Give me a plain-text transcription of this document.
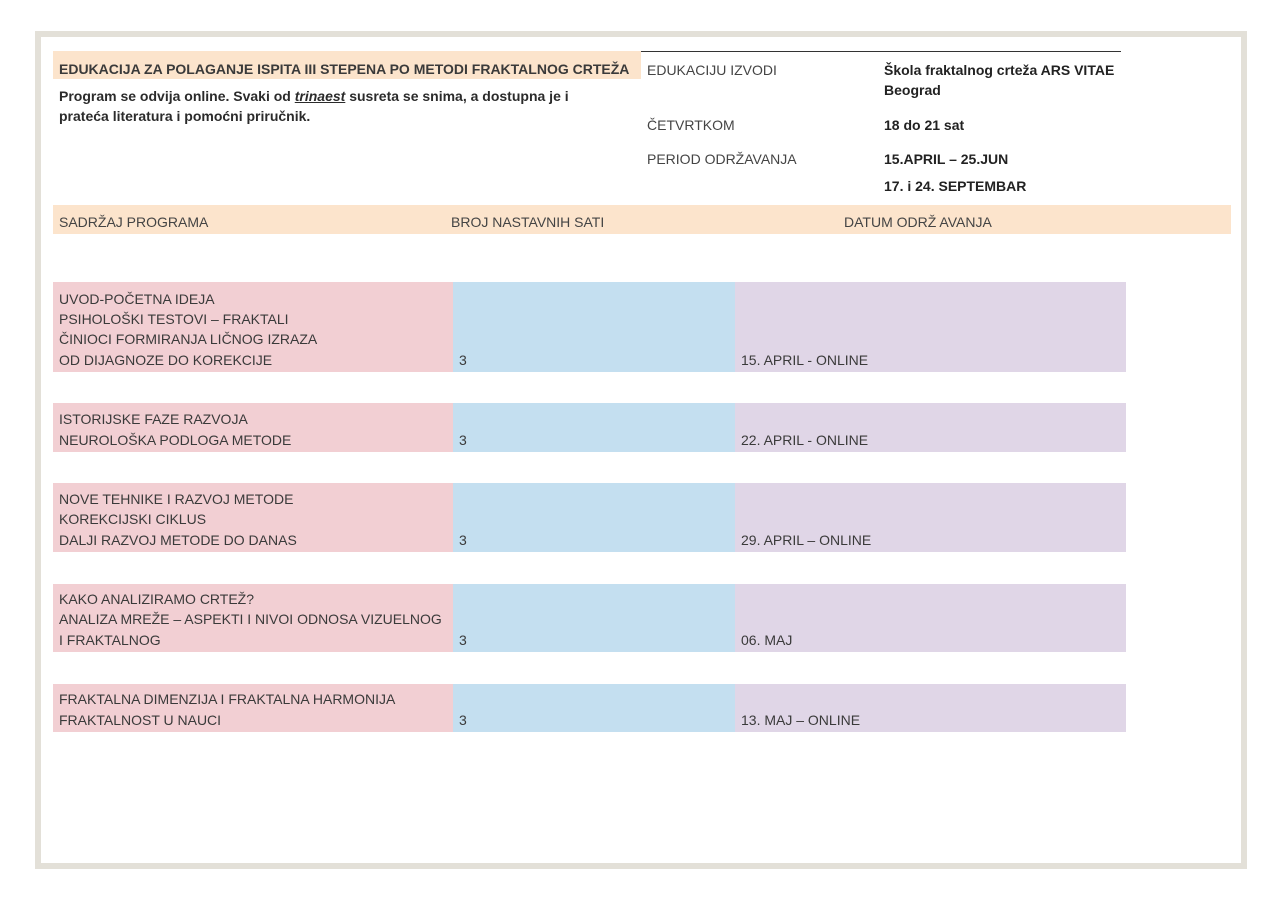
EDUKACIJA ZA POLAGANJE ISPITA III STEPENA PO METODI FRAKTALNOG CRTEŽA
Program se odvija online. Svaki od trinaest susreta se snima, a dostupna je i prateća literatura i pomoćni priručnik.
EDUKACIJU IZVODI	Škola fraktalnog crteža ARS VITAE Beograd
ČETVRTKOM	18 do 21 sat
PERIOD ODRŽAVANJA	15.APRIL – 25.JUN
17. i 24. SEPTEMBAR
SADRŽAJ PROGRAMA	BROJ NASTAVNIH SATI	DATUM ODRŽ AVANJA
UVOD-POČETNA IDEJA
PSIHOLOŠKI TESTOVI – FRAKTALI
ČINIOCI FORMIRANJA LIČNOG IZRAZA
OD DIJAGNOZE DO KOREKCIJE	3	15. APRIL - ONLINE
ISTORIJSKE FAZE RAZVOJA
NEUROLOŠKA PODLOGA METODE	3	22. APRIL - ONLINE
NOVE TEHNIKE I RAZVOJ METODE
KOREKCIJSKI CIKLUS
DALJI RAZVOJ METODE DO DANAS	3	29. APRIL – ONLINE
KAKO ANALIZIRAMO CRTEŽ?
ANALIZA MREŽE – ASPEKTI I NIVOI ODNOSA VIZUELNOG
I FRAKTALNOG	3	06. MAJ
FRAKTALNA DIMENZIJA I FRAKTALNA HARMONIJA
FRAKTALNOST U NAUCI	3	13. MAJ – ONLINE
